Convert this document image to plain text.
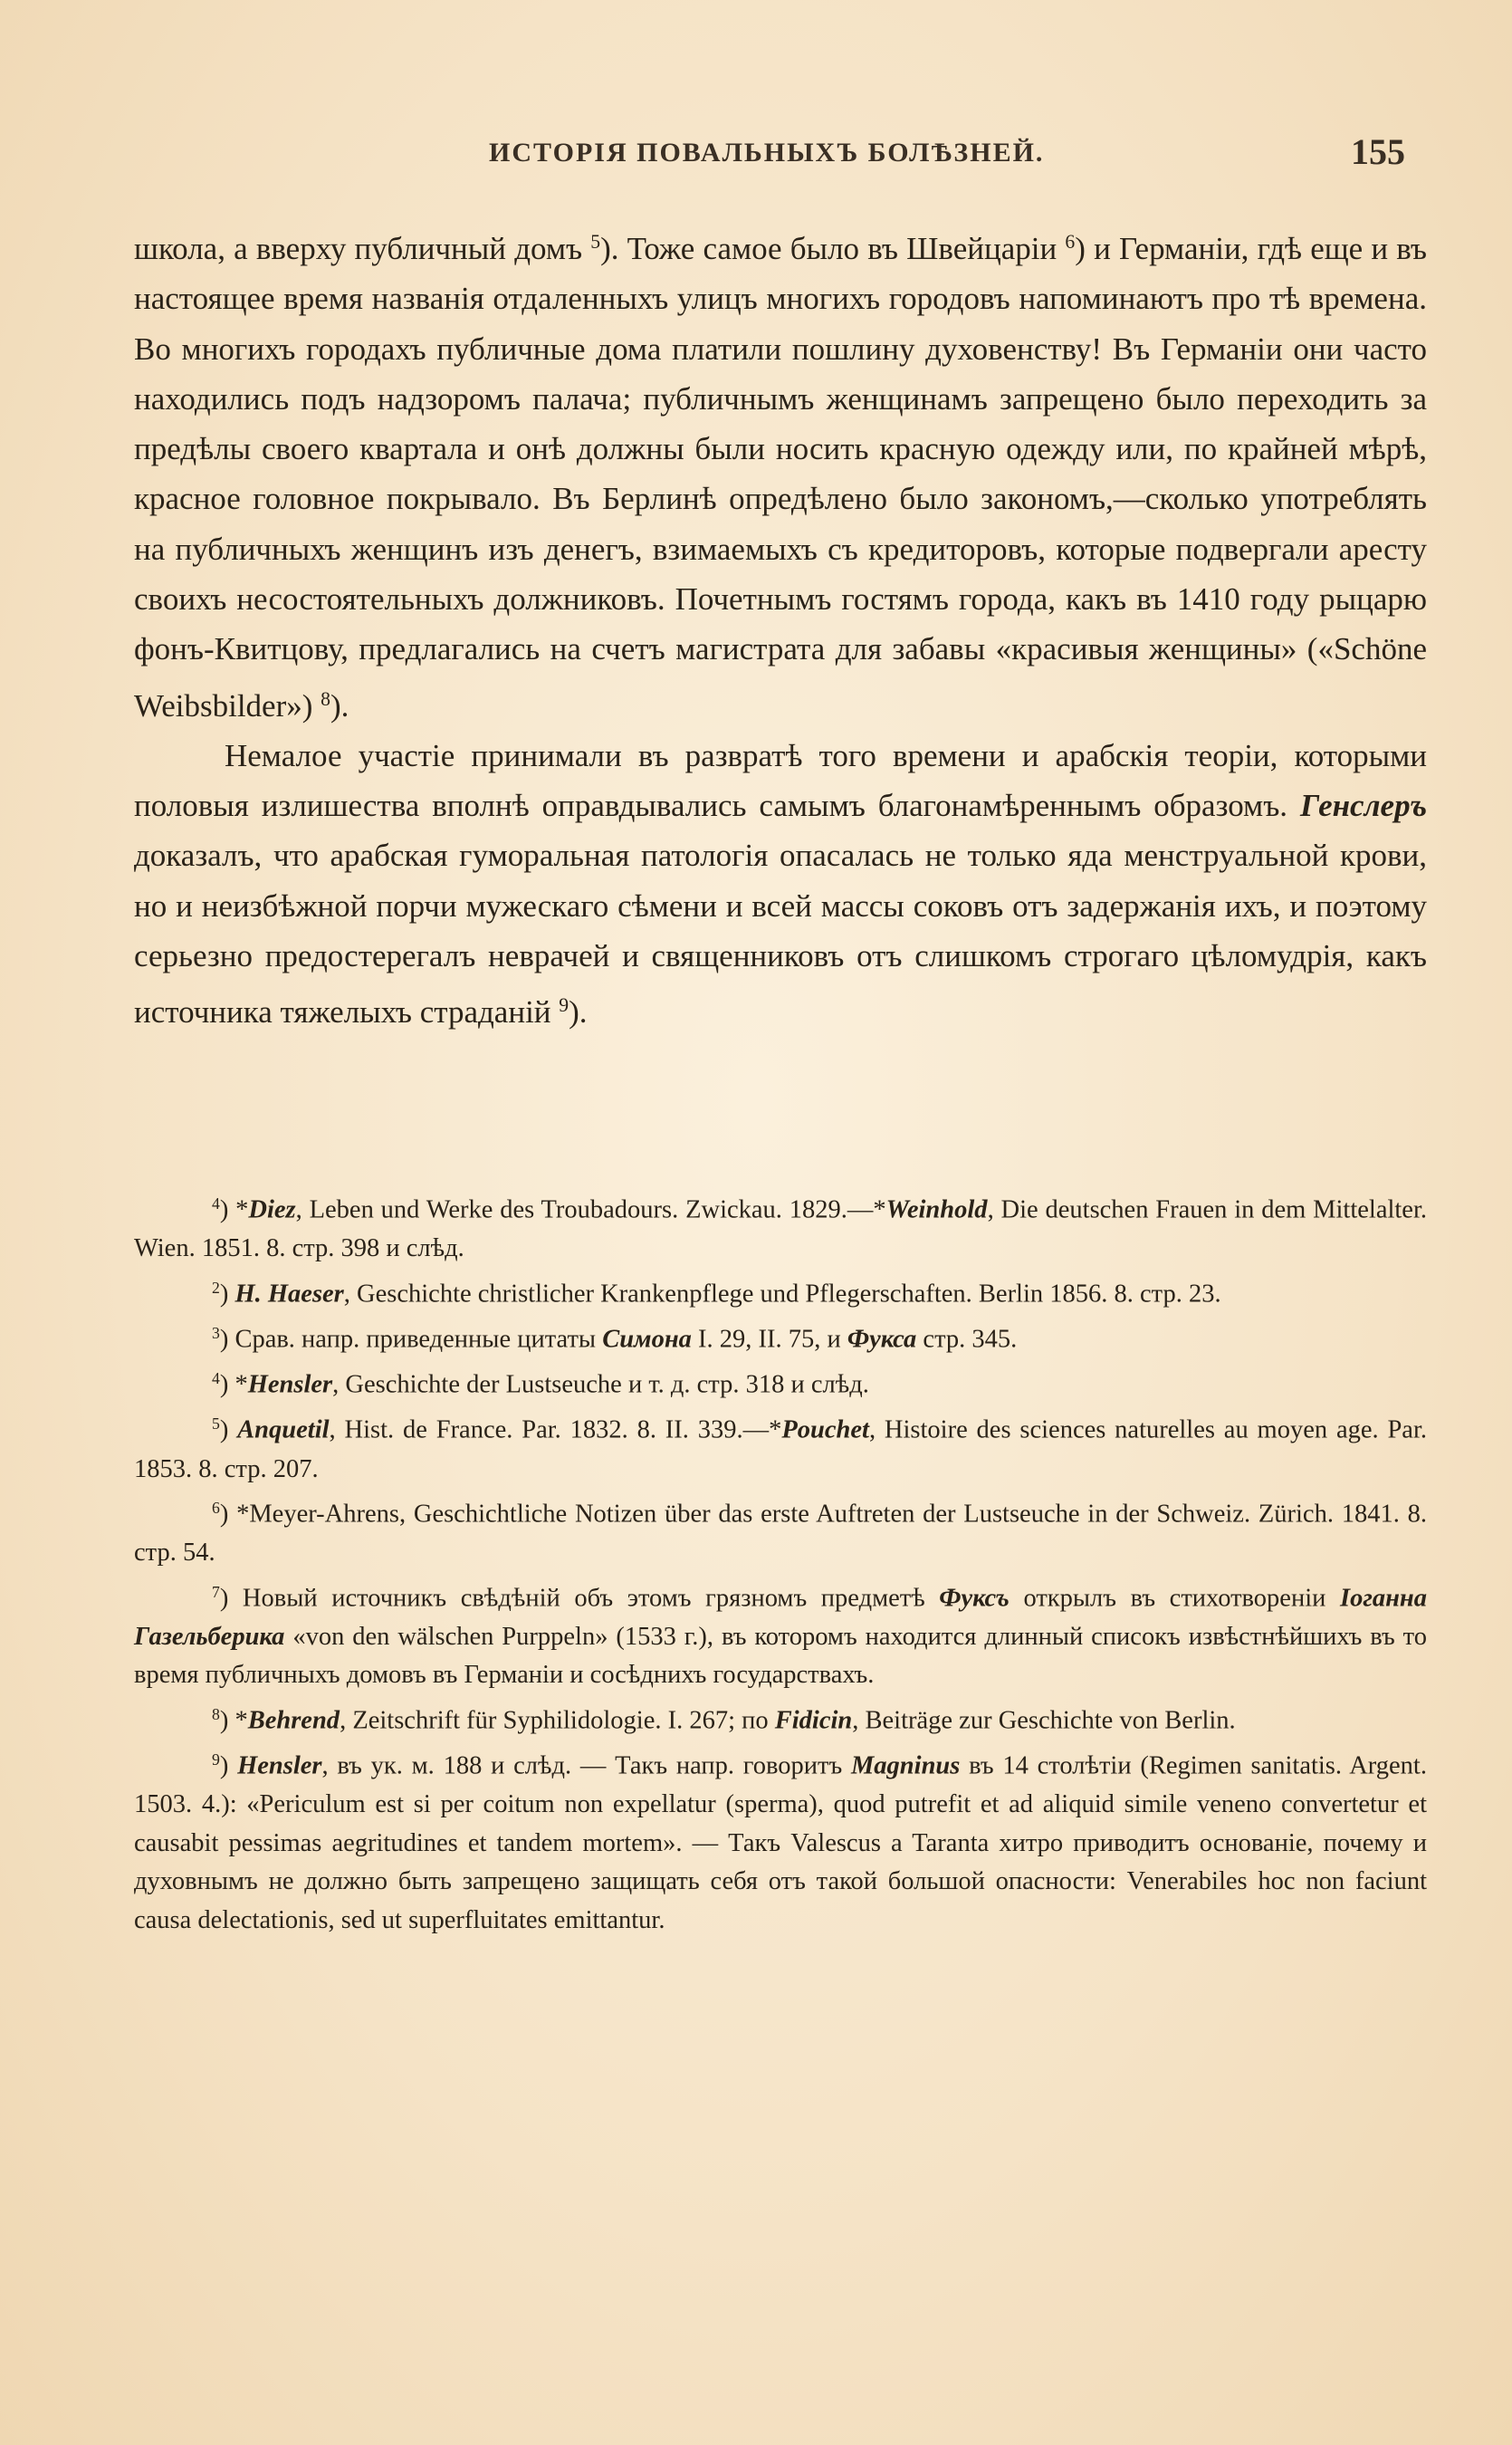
ИСТОРІЯ ПОВАЛЬНЫХЪ БОЛѢЗНЕЙ.	155

школа, а вверху публичный домъ $^5$). Тоже самое было въ Швейцаріи $^6$) и Германіи, гдѣ еще и въ настоящее время названія отдаленныхъ улицъ многихъ городовъ напоминаютъ про тѣ времена. Во многихъ городахъ публичные дома платили пошлину духовенству! Въ Германіи они часто находились подъ надзоромъ палача; публичнымъ женщинамъ запрещено было переходить за предѣлы своего квартала и онѣ должны были носить красную одежду или, по крайней мѣрѣ, красное головное покрывало. Въ Берлинѣ опредѣлено было закономъ,—сколько употреблять на публичныхъ женщинъ изъ денегъ, взимаемыхъ съ кредиторовъ, которые подвергали аресту своихъ несостоятельныхъ должниковъ. Почетнымъ гостямъ города, какъ въ 1410 году рыцарю фонъ-Квитцову, предлагались на счетъ магистрата для забавы «красивыя женщины» («Schöne Weibsbilder») $^8$).

Немалое участіе принимали въ развратѣ того времени и арабскія теоріи, которыми половыя излишества вполнѣ оправдывались самымъ благонамѣреннымъ образомъ. Генслеръ доказалъ, что арабская гуморальная патологія опасалась не только яда менструальной крови, но и неизбѣжной порчи мужескаго сѣмени и всей массы соковъ отъ задержанія ихъ, и поэтому серьезно предостерегалъ неврачей и священниковъ отъ слишкомъ строгаго цѣломудрія, какъ источника тяжелыхъ страданій $^9$).

$^4$) *Diez, Leben und Werke des Troubadours. Zwickau. 1829.—*Weinhold, Die deutschen Frauen in dem Mittelalter. Wien. 1851. 8. стр. 398 и слѣд.

$^2$) H. Haeser, Geschichte christlicher Krankenpflege und Pflegerschaften. Berlin 1856. 8. стр. 23.

$^3$) Срав. напр. приведенные цитаты Симона I. 29, II. 75, и Фукса стр. 345.

$^4$) *Hensler, Geschichte der Lustseuche и т. д. стр. 318 и слѣд.

$^5$) Anquetil, Hist. de France. Par. 1832. 8. II. 339.—*Pouchet, Histoire des sciences naturelles au moyen age. Par. 1853. 8. стр. 207.

$^6$) *Meyer-Ahrens, Geschichtliche Notizen über das erste Auftreten der Lustseuche in der Schweiz. Zürich. 1841. 8. стр. 54.

$^7$) Новый источникъ свѣдѣній объ этомъ грязномъ предметѣ Фуксъ открылъ въ стихотвореніи Іоганна Газельберика «von den wälschen Purppeln» (1533 г.), въ которомъ находится длинный списокъ извѣстнѣйшихъ въ то время публичныхъ домовъ въ Германіи и сосѣднихъ государствахъ.

$^8$) *Behrend, Zeitschrift für Syphilidologie. I. 267; по Fidicin, Beiträge zur Geschichte von Berlin.

$^9$) Hensler, въ ук. м. 188 и слѣд. — Такъ напр. говоритъ Magninus въ 14 столѣтіи (Regimen sanitatis. Argent. 1503. 4.): «Periculum est si per coitum non expellatur (sperma), quod putrefit et ad aliquid simile veneno convertetur et causabit pessimas aegritudines et tandem mortem». — Такъ Valescus a Taranta хитро приводитъ основаніе, почему и духовнымъ не должно быть запрещено защищать себя отъ такой большой опасности: Venerabiles hoc non faciunt causa delectationis, sed ut superfluitates emittantur.
